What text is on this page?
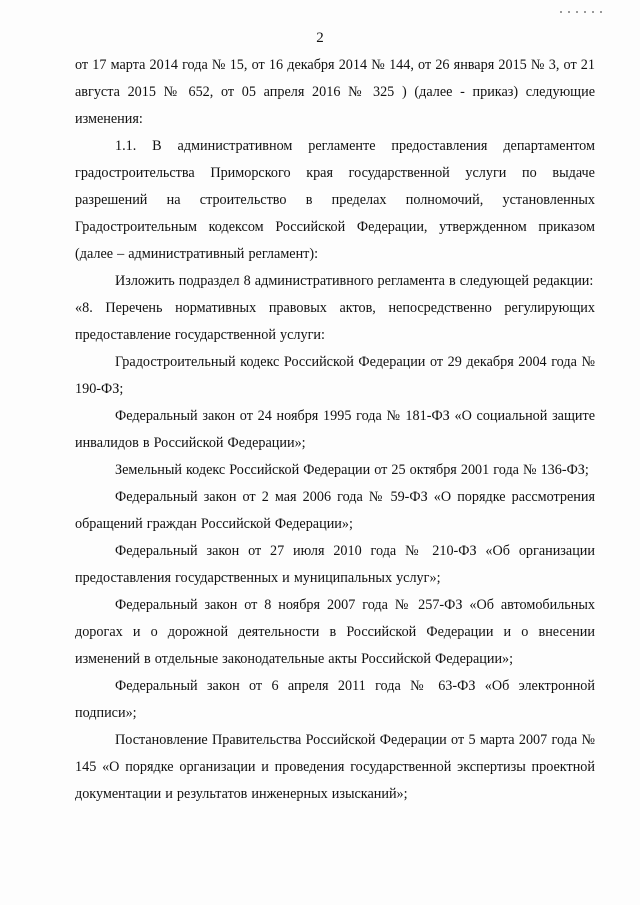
2

от 17 марта 2014 года № 15, от 16 декабря 2014 № 144, от 26 января 2015 № 3, от 21 августа 2015 № 652, от 05 апреля 2016 № 325 ) (далее - приказ) следующие изменения:

1.1. В административном регламенте предоставления департаментом градостроительства Приморского края государственной услуги по выдаче разрешений на строительство в пределах полномочий, установленных Градостроительным кодексом Российской Федерации, утвержденном приказом (далее – административный регламент):

Изложить подраздел 8 административного регламента в следующей редакции:

«8. Перечень нормативных правовых актов, непосредственно регулирующих предоставление государственной услуги:

Градостроительный кодекс Российской Федерации от 29 декабря 2004 года № 190-ФЗ;

Федеральный закон от 24 ноября 1995 года № 181-ФЗ «О социальной защите инвалидов в Российской Федерации»;

Земельный кодекс Российской Федерации от 25 октября 2001 года № 136-ФЗ;

Федеральный закон от 2 мая 2006 года № 59-ФЗ «О порядке рассмотрения обращений граждан Российской Федерации»;

Федеральный закон от 27 июля 2010 года № 210-ФЗ «Об организации предоставления государственных и муниципальных услуг»;

Федеральный закон от 8 ноября 2007 года № 257-ФЗ «Об автомобильных дорогах и о дорожной деятельности в Российской Федерации и о внесении изменений в отдельные законодательные акты Российской Федерации»;

Федеральный закон от 6 апреля 2011 года № 63-ФЗ «Об электронной подписи»;

Постановление Правительства Российской Федерации от 5 марта 2007 года № 145 «О порядке организации и проведения государственной экспертизы проектной документации и результатов инженерных изысканий»;
